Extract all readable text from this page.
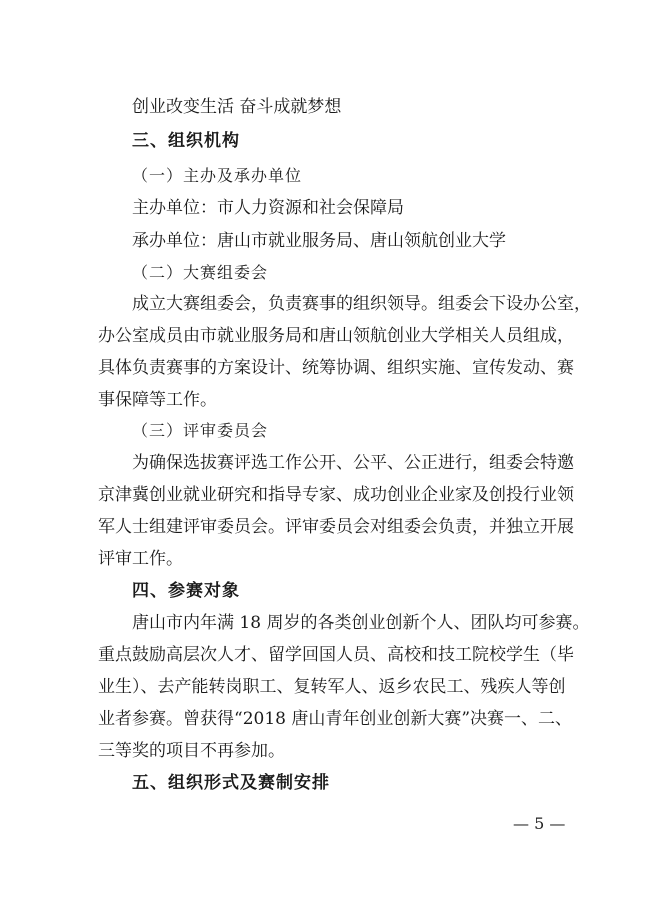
创业改变生活 奋斗成就梦想
三、组织机构
（一）主办及承办单位
主办单位：市人力资源和社会保障局
承办单位：唐山市就业服务局、唐山领航创业大学
（二）大赛组委会
成立大赛组委会，负责赛事的组织领导。组委会下设办公室，
办公室成员由市就业服务局和唐山领航创业大学相关人员组成，
具体负责赛事的方案设计、统筹协调、组织实施、宣传发动、赛
事保障等工作。
（三）评审委员会
为确保选拔赛评选工作公开、公平、公正进行，组委会特邀
京津冀创业就业研究和指导专家、成功创业企业家及创投行业领
军人士组建评审委员会。评审委员会对组委会负责，并独立开展
评审工作。
四、参赛对象
唐山市内年满 18 周岁的各类创业创新个人、团队均可参赛。
重点鼓励高层次人才、留学回国人员、高校和技工院校学生（毕
业生）、去产能转岗职工、复转军人、返乡农民工、残疾人等创
业者参赛。曾获得“2018 唐山青年创业创新大赛”决赛一、二、
三等奖的项目不再参加。
五、组织形式及赛制安排
— 5 —
